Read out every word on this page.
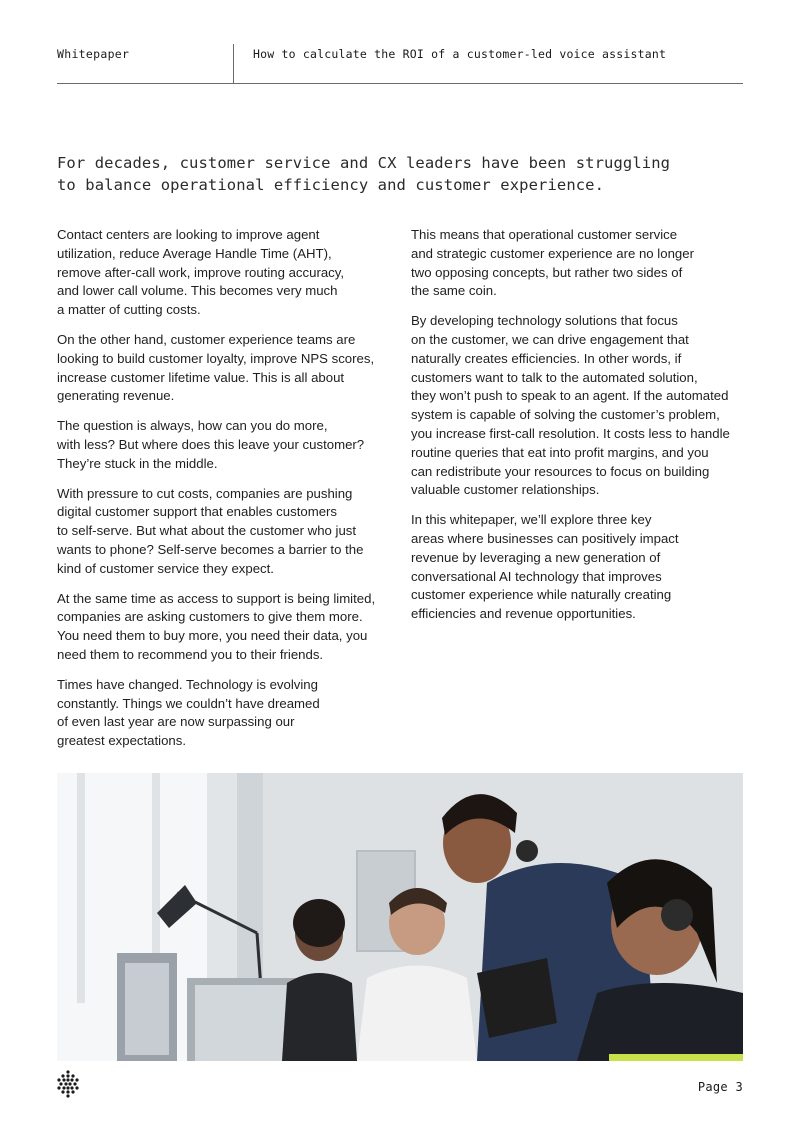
Whitepaper	How to calculate the ROI of a customer-led voice assistant
For decades, customer service and CX leaders have been struggling
to balance operational efficiency and customer experience.

Contact centers are looking to improve agent
utilization, reduce Average Handle Time (AHT),
remove after-call work, improve routing accuracy,
and lower call volume. This becomes very much
a matter of cutting costs.

On the other hand, customer experience teams are
looking to build customer loyalty, improve NPS scores,
increase customer lifetime value. This is all about
generating revenue.

The question is always, how can you do more,
with less? But where does this leave your customer?
They’re stuck in the middle.

With pressure to cut costs, companies are pushing
digital customer support that enables customers
to self-serve. But what about the customer who just
wants to phone? Self-serve becomes a barrier to the
kind of customer service they expect.

At the same time as access to support is being limited,
companies are asking customers to give them more.
You need them to buy more, you need their data, you
need them to recommend you to their friends.

Times have changed. Technology is evolving
constantly. Things we couldn’t have dreamed
of even last year are now surpassing our
greatest expectations.

This means that operational customer service
and strategic customer experience are no longer
two opposing concepts, but rather two sides of
the same coin.

By developing technology solutions that focus
on the customer, we can drive engagement that
naturally creates efficiencies. In other words, if
customers want to talk to the automated solution,
they won’t push to speak to an agent. If the automated
system is capable of solving the customer’s problem,
you increase first-call resolution. It costs less to handle
routine queries that eat into profit margins, and you
can redistribute your resources to focus on building
valuable customer relationships.

In this whitepaper, we’ll explore three key
areas where businesses can positively impact
revenue by leveraging a new generation of
conversational AI technology that improves
customer experience while naturally creating
efficiencies and revenue opportunities.

Page 3
